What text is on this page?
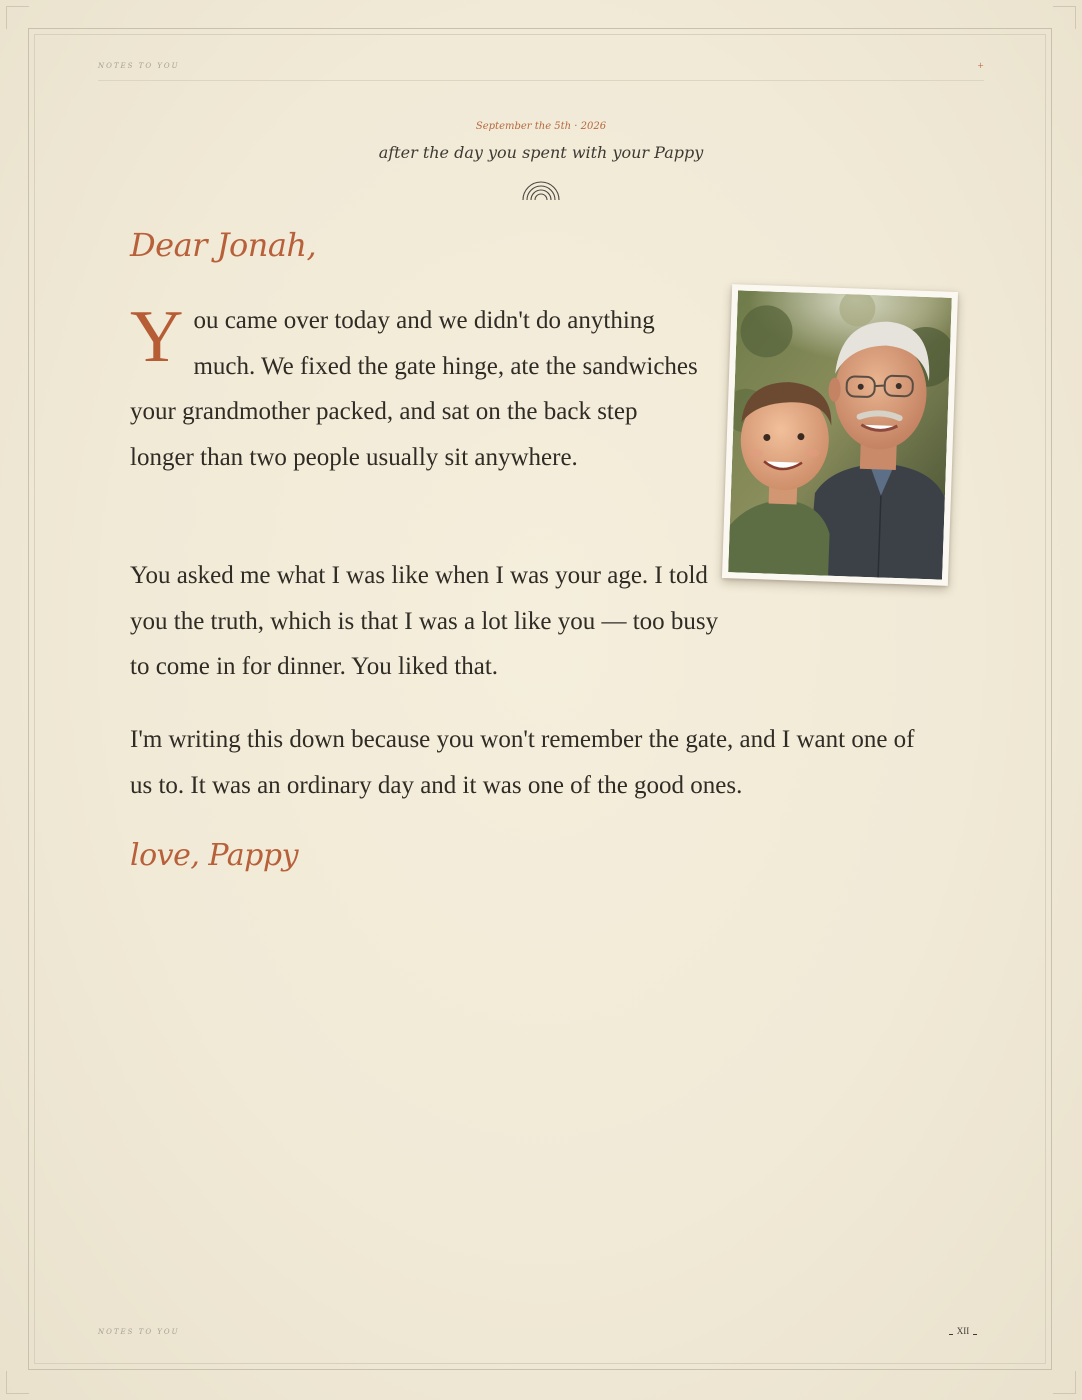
NOTES TO YOU	+
September the 5th · 2026
after the day you spent with your Pappy
Dear Jonah,
You came over today and we didn't do anything much. We fixed the gate hinge, ate the sandwiches your grandmother packed, and sat on the back step longer than two people usually sit anywhere.

You asked me what I was like when I was your age. I told you the truth, which is that I was a lot like you — too busy to come in for dinner. You liked that.

I'm writing this down because you won't remember the gate, and I want one of us to. It was an ordinary day and it was one of the good ones.

love, Pappy
NOTES TO YOU	XII
